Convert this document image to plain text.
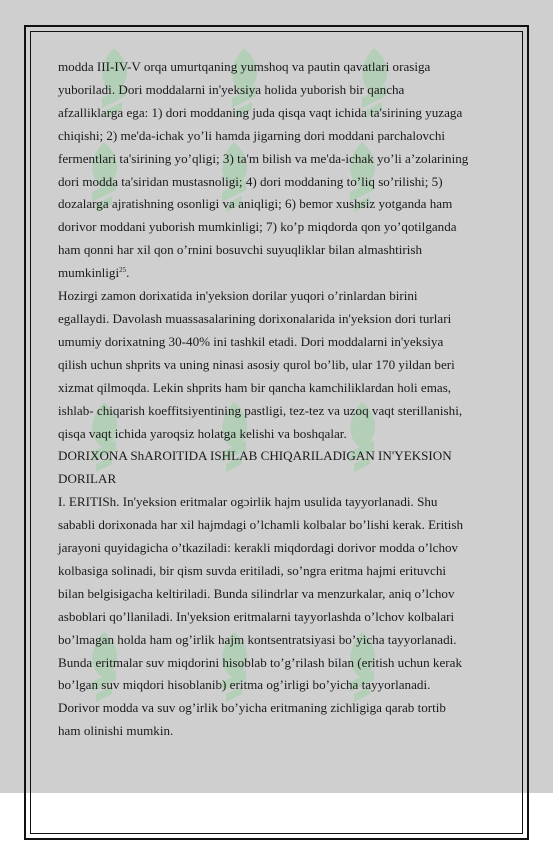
modda III-IV-V orqa umurtqaning yumshoq va pautin qavatlari orasiga
yuboriladi. Dori moddalarni in'yeksiya holida yuborish bir qancha
afzalliklarga ega: 1) dori moddaning juda qisqa vaqt ichida ta'sirining yuzaga
chiqishi; 2) me'da-ichak yo’li hamda jigarning dori moddani parchalovchi
fermentlari ta'sirining yo’qligi; 3) ta'm bilish va me'da-ichak yo’li a’zolarining
dori modda ta'siridan mustasnoligi; 4) dori moddaning to’liq so’rilishi; 5)
dozalarga ajratishning osonligi va aniqligi; 6) bemor xushsiz yotganda ham
dorivor moddani yuborish mumkinligi; 7) ko’p miqdorda qon yo’qotilganda
ham qonni har xil qon o’rnini bosuvchi suyuqliklar bilan almashtirish
mumkinligi$^{25}$.
Hozirgi zamon dorixatida in'yeksion dorilar yuqori o’rinlardan birini
egallaydi. Davolash muassasalarining dorixonalarida in'yeksion dori turlari
umumiy dorixatning 30-40% ini tashkil etadi. Dori moddalarni in'yeksiya
qilish uchun shprits va uning ninasi asosiy qurol bo’lib, ular 170 yildan beri
xizmat qilmoqda. Lekin shprits ham bir qancha kamchiliklardan holi emas,
ishlab- chiqarish koeffitsiyentining pastligi, tez-tez va uzoq vaqt sterillanishi,
qisqa vaqt ichida yaroqsiz holatga kelishi va boshqalar.
DORIXONA ShAROITIDA ISHLAB CHIQARILADIGAN IN'YEKSION
DORILAR
I. ERITISh. In'yeksion eritmalar ogɔirlik hajm usulida tayyorlanadi. Shu
sababli dorixonada har xil hajmdagi o’lchamli kolbalar bo’lishi kerak. Eritish
jarayoni quyidagicha o’tkaziladi: kerakli miqdordagi dorivor modda o’lchov
kolbasiga solinadi, bir qism suvda eritiladi, so’ngra eritma hajmi erituvchi
bilan belgisigacha keltiriladi. Bunda silindrlar va menzurkalar, aniq o’lchov
asboblari qo’llaniladi. In'yeksion eritmalarni tayyorlashda o’lchov kolbalari
bo’lmagan holda ham og’irlik hajm kontsentratsiyasi bo’yicha tayyorlanadi.
Bunda eritmalar suv miqdorini hisoblab to’g’rilash bilan (eritish uchun kerak
bo’lgan suv miqdori hisoblanib) eritma og’irligi bo’yicha tayyorlanadi.
Dorivor modda va suv og’irlik bo’yicha eritmaning zichligiga qarab tortib
ham olinishi mumkin.
